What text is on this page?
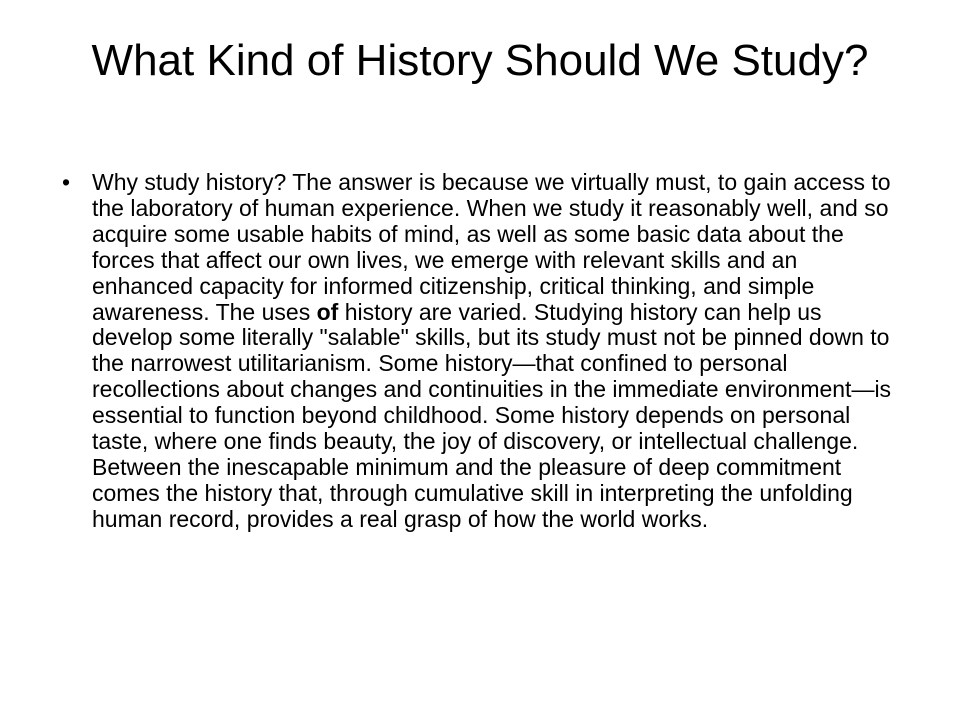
What Kind of History Should We Study?

• Why study history? The answer is because we virtually must, to gain access to the laboratory of human experience. When we study it reasonably well, and so acquire some usable habits of mind, as well as some basic data about the forces that affect our own lives, we emerge with relevant skills and an enhanced capacity for informed citizenship, critical thinking, and simple awareness. The uses of history are varied. Studying history can help us develop some literally "salable" skills, but its study must not be pinned down to the narrowest utilitarianism. Some history—that confined to personal recollections about changes and continuities in the immediate environment—is essential to function beyond childhood. Some history depends on personal taste, where one finds beauty, the joy of discovery, or intellectual challenge. Between the inescapable minimum and the pleasure of deep commitment comes the history that, through cumulative skill in interpreting the unfolding human record, provides a real grasp of how the world works.
